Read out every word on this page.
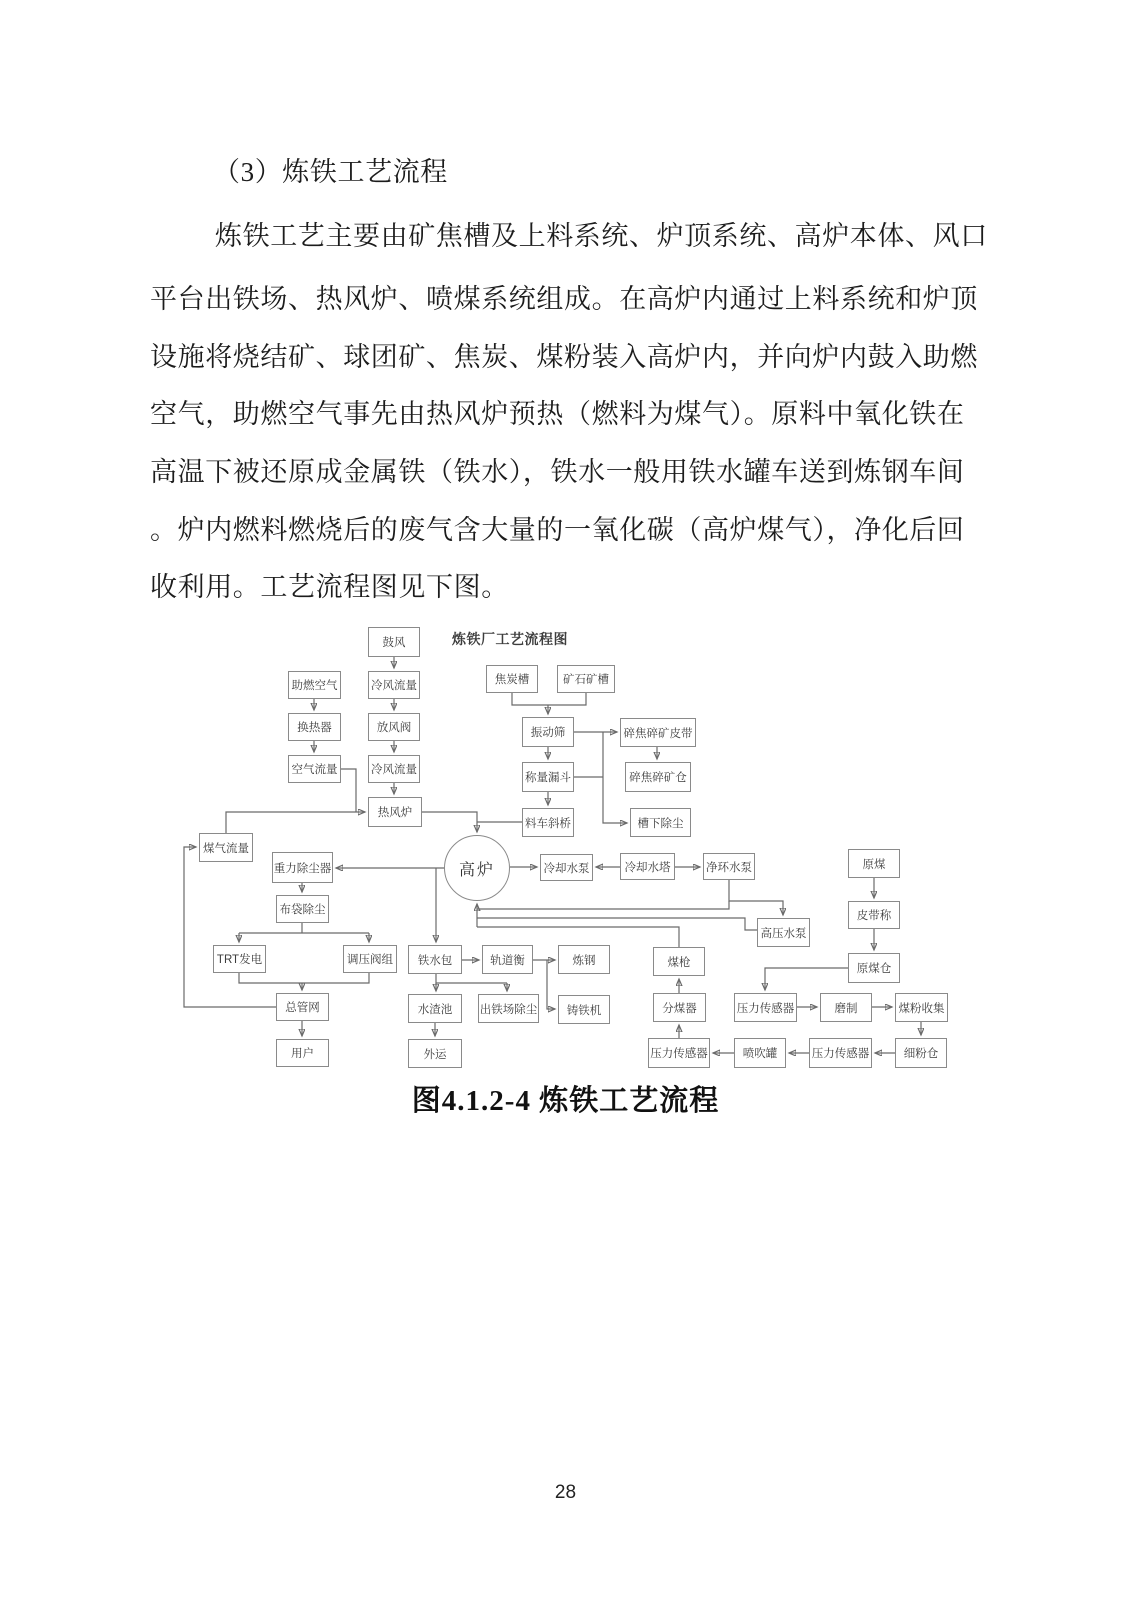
（3）炼铁工艺流程
炼铁工艺主要由矿焦槽及上料系统、炉顶系统、高炉本体、风口
平台出铁场、热风炉、喷煤系统组成。在高炉内通过上料系统和炉顶
设施将烧结矿、球团矿、焦炭、煤粉装入高炉内，并向炉内鼓入助燃
空气，助燃空气事先由热风炉预热（燃料为煤气）。原料中氧化铁在
高温下被还原成金属铁（铁水），铁水一般用铁水罐车送到炼钢车间
。炉内燃料燃烧后的废气含大量的一氧化碳（高炉煤气），净化后回
收利用。工艺流程图见下图。
炼铁厂工艺流程图
鼓风
助燃空气	冷风流量	焦炭槽	矿石矿槽
换热器	放风阀	振动筛	碎焦碎矿皮带
空气流量	冷风流量
称量漏斗	碎焦碎矿仓
热风炉
料车斜桥	槽下除尘
煤气流量
重力除尘器	高炉	冷却水泵	冷却水塔	净环水泵	原煤
布袋除尘	皮带称
高压水泵
TRT发电	调压阀组	铁水包	轨道衡	炼钢	煤枪
原煤仓
总管网	水渣池	出铁场除尘	铸铁机	分煤器	压力传感器	磨制	煤粉收集
用户	外运	压力传感器	喷吹罐	压力传感器	细粉仓
图4.1.2-4 炼铁工艺流程
28
